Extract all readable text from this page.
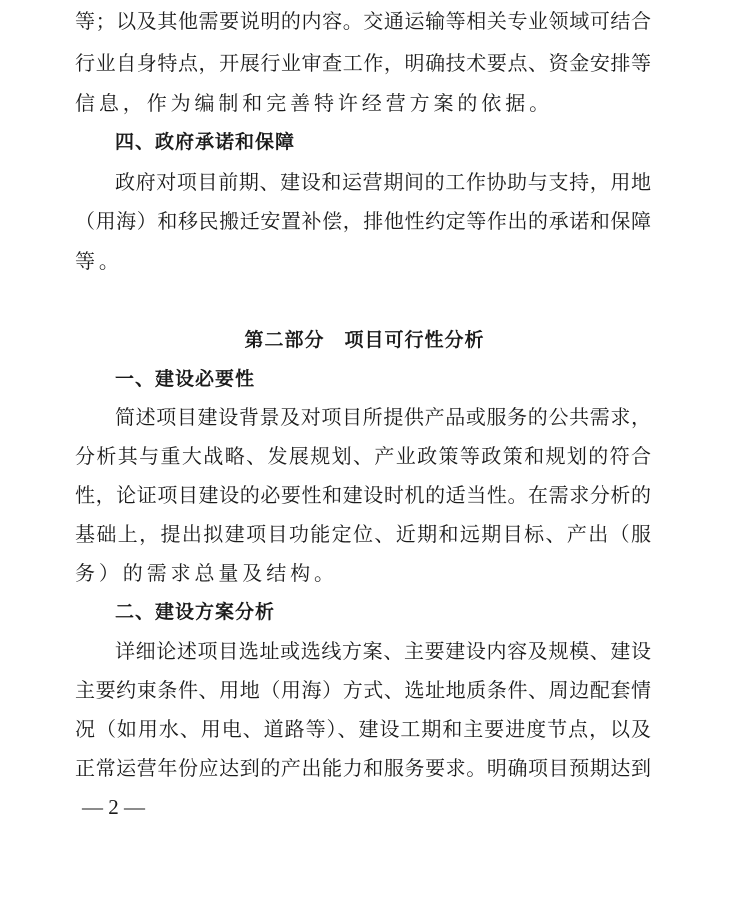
等；以及其他需要说明的内容。交通运输等相关专业领域可结合
行业自身特点，开展行业审查工作，明确技术要点、资金安排等
信息，作为编制和完善特许经营方案的依据。
四、政府承诺和保障
政府对项目前期、建设和运营期间的工作协助与支持，用地
（用海）和移民搬迁安置补偿，排他性约定等作出的承诺和保障
等。
第二部分　项目可行性分析
一、建设必要性
简述项目建设背景及对项目所提供产品或服务的公共需求，
分析其与重大战略、发展规划、产业政策等政策和规划的符合
性，论证项目建设的必要性和建设时机的适当性。在需求分析的
基础上，提出拟建项目功能定位、近期和远期目标、产出（服
务）的需求总量及结构。
二、建设方案分析
详细论述项目选址或选线方案、主要建设内容及规模、建设
主要约束条件、用地（用海）方式、选址地质条件、周边配套情
况（如用水、用电、道路等）、建设工期和主要进度节点，以及
正常运营年份应达到的产出能力和服务要求。明确项目预期达到
— 2 —
